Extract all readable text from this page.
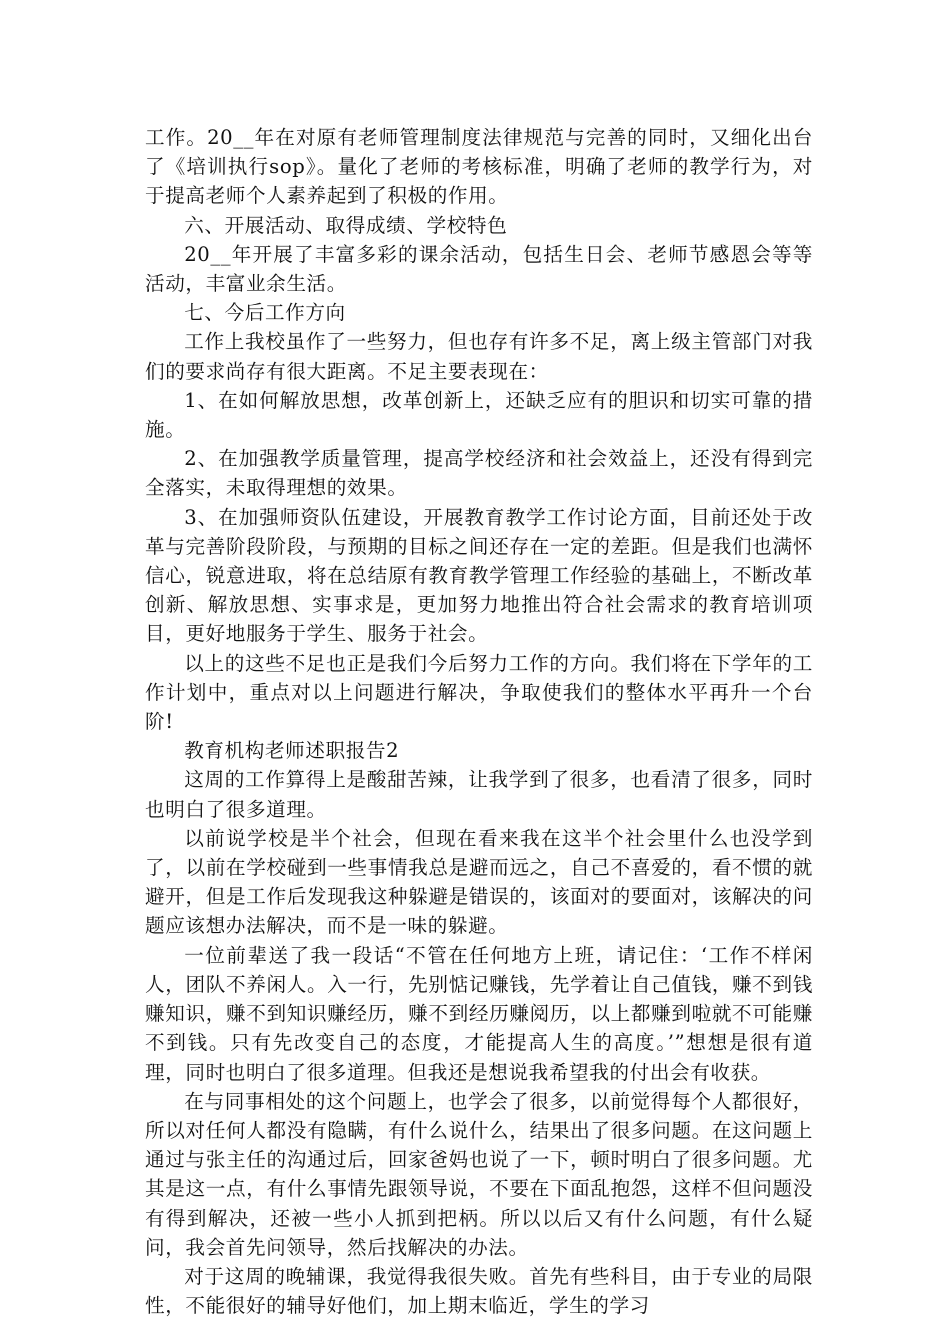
工作。20__年在对原有老师管理制度法律规范与完善的同时，又细化出台了《培训执行sop》。量化了老师的考核标准，明确了老师的教学行为，对于提高老师个人素养起到了积极的作用。

六、开展活动、取得成绩、学校特色

20__年开展了丰富多彩的课余活动，包括生日会、老师节感恩会等等活动，丰富业余生活。

七、今后工作方向

工作上我校虽作了一些努力，但也存有许多不足，离上级主管部门对我们的要求尚存有很大距离。不足主要表现在：

1、在如何解放思想，改革创新上，还缺乏应有的胆识和切实可靠的措施。

2、在加强教学质量管理，提高学校经济和社会效益上，还没有得到完全落实，未取得理想的效果。

3、在加强师资队伍建设，开展教育教学工作讨论方面，目前还处于改革与完善阶段阶段，与预期的目标之间还存在一定的差距。但是我们也满怀信心，锐意进取，将在总结原有教育教学管理工作经验的基础上，不断改革创新、解放思想、实事求是，更加努力地推出符合社会需求的教育培训项目，更好地服务于学生、服务于社会。

以上的这些不足也正是我们今后努力工作的方向。我们将在下学年的工作计划中，重点对以上问题进行解决，争取使我们的整体水平再升一个台阶!

教育机构老师述职报告2

这周的工作算得上是酸甜苦辣，让我学到了很多，也看清了很多，同时也明白了很多道理。

以前说学校是半个社会，但现在看来我在这半个社会里什么也没学到了，以前在学校碰到一些事情我总是避而远之，自己不喜爱的，看不惯的就避开，但是工作后发现我这种躲避是错误的，该面对的要面对，该解决的问题应该想办法解决，而不是一味的躲避。

一位前辈送了我一段话“不管在任何地方上班，请记住：‘工作不样闲人，团队不养闲人。入一行，先别惦记赚钱，先学着让自己值钱，赚不到钱赚知识，赚不到知识赚经历，赚不到经历赚阅历，以上都赚到啦就不可能赚不到钱。只有先改变自己的态度，才能提高人生的高度。’”想想是很有道理，同时也明白了很多道理。但我还是想说我希望我的付出会有收获。

在与同事相处的这个问题上，也学会了很多，以前觉得每个人都很好，所以对任何人都没有隐瞒，有什么说什么，结果出了很多问题。在这问题上通过与张主任的沟通过后，回家爸妈也说了一下，顿时明白了很多问题。尤其是这一点，有什么事情先跟领导说，不要在下面乱抱怨，这样不但问题没有得到解决，还被一些小人抓到把柄。所以以后又有什么问题，有什么疑问，我会首先问领导，然后找解决的办法。

对于这周的晚辅课，我觉得我很失败。首先有些科目，由于专业的局限性，不能很好的辅导好他们，加上期末临近，学生的学习
